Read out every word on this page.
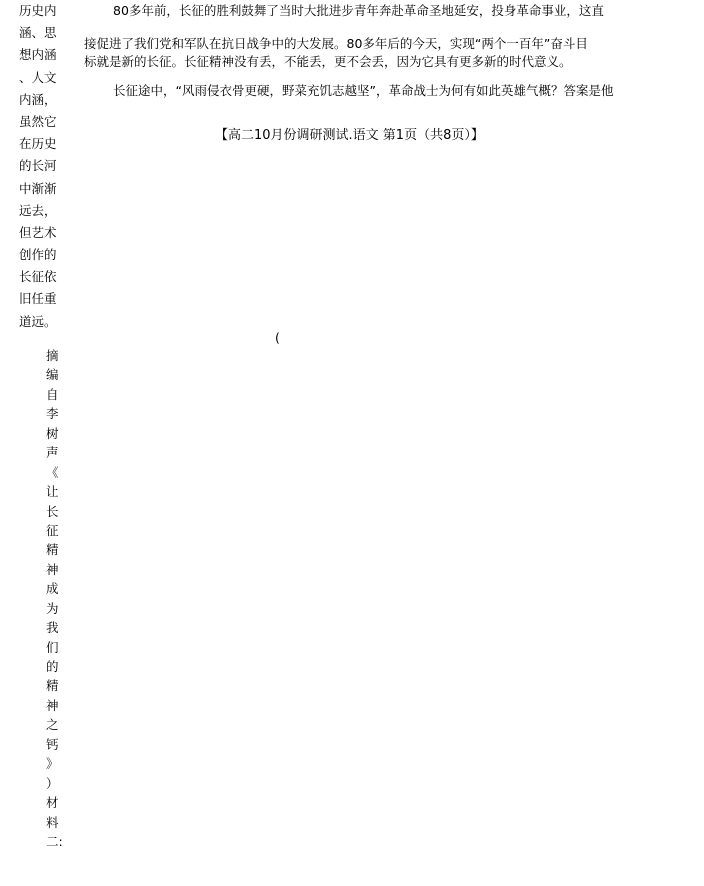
历史内
涵、思
想内涵
、人文
内涵，
虽然它
在历史
的长河
中渐渐
远去，
但艺术
创作的
长征依
旧任重
道远。
80多年前，长征的胜利鼓舞了当时大批进步青年奔赴革命圣地延安，投身革命事业，这直
接促进了我们党和军队在抗日战争中的大发展。80多年后的今天，实现“两个一百年”奋斗目
标就是新的长征。长征精神没有丢，不能丢，更不会丢，因为它具有更多新的时代意义。
长征途中，“风雨侵衣骨更硬，野菜充饥志越坚”，革命战士为何有如此英雄气概？答案是他
【高二10月份调研测试.语文 第1页（共8页）】
(
摘
编
自
李
树
声
《
让
长
征
精
神
成
为
我
们
的
精
神
之
钙
》
）
材
料
二:
